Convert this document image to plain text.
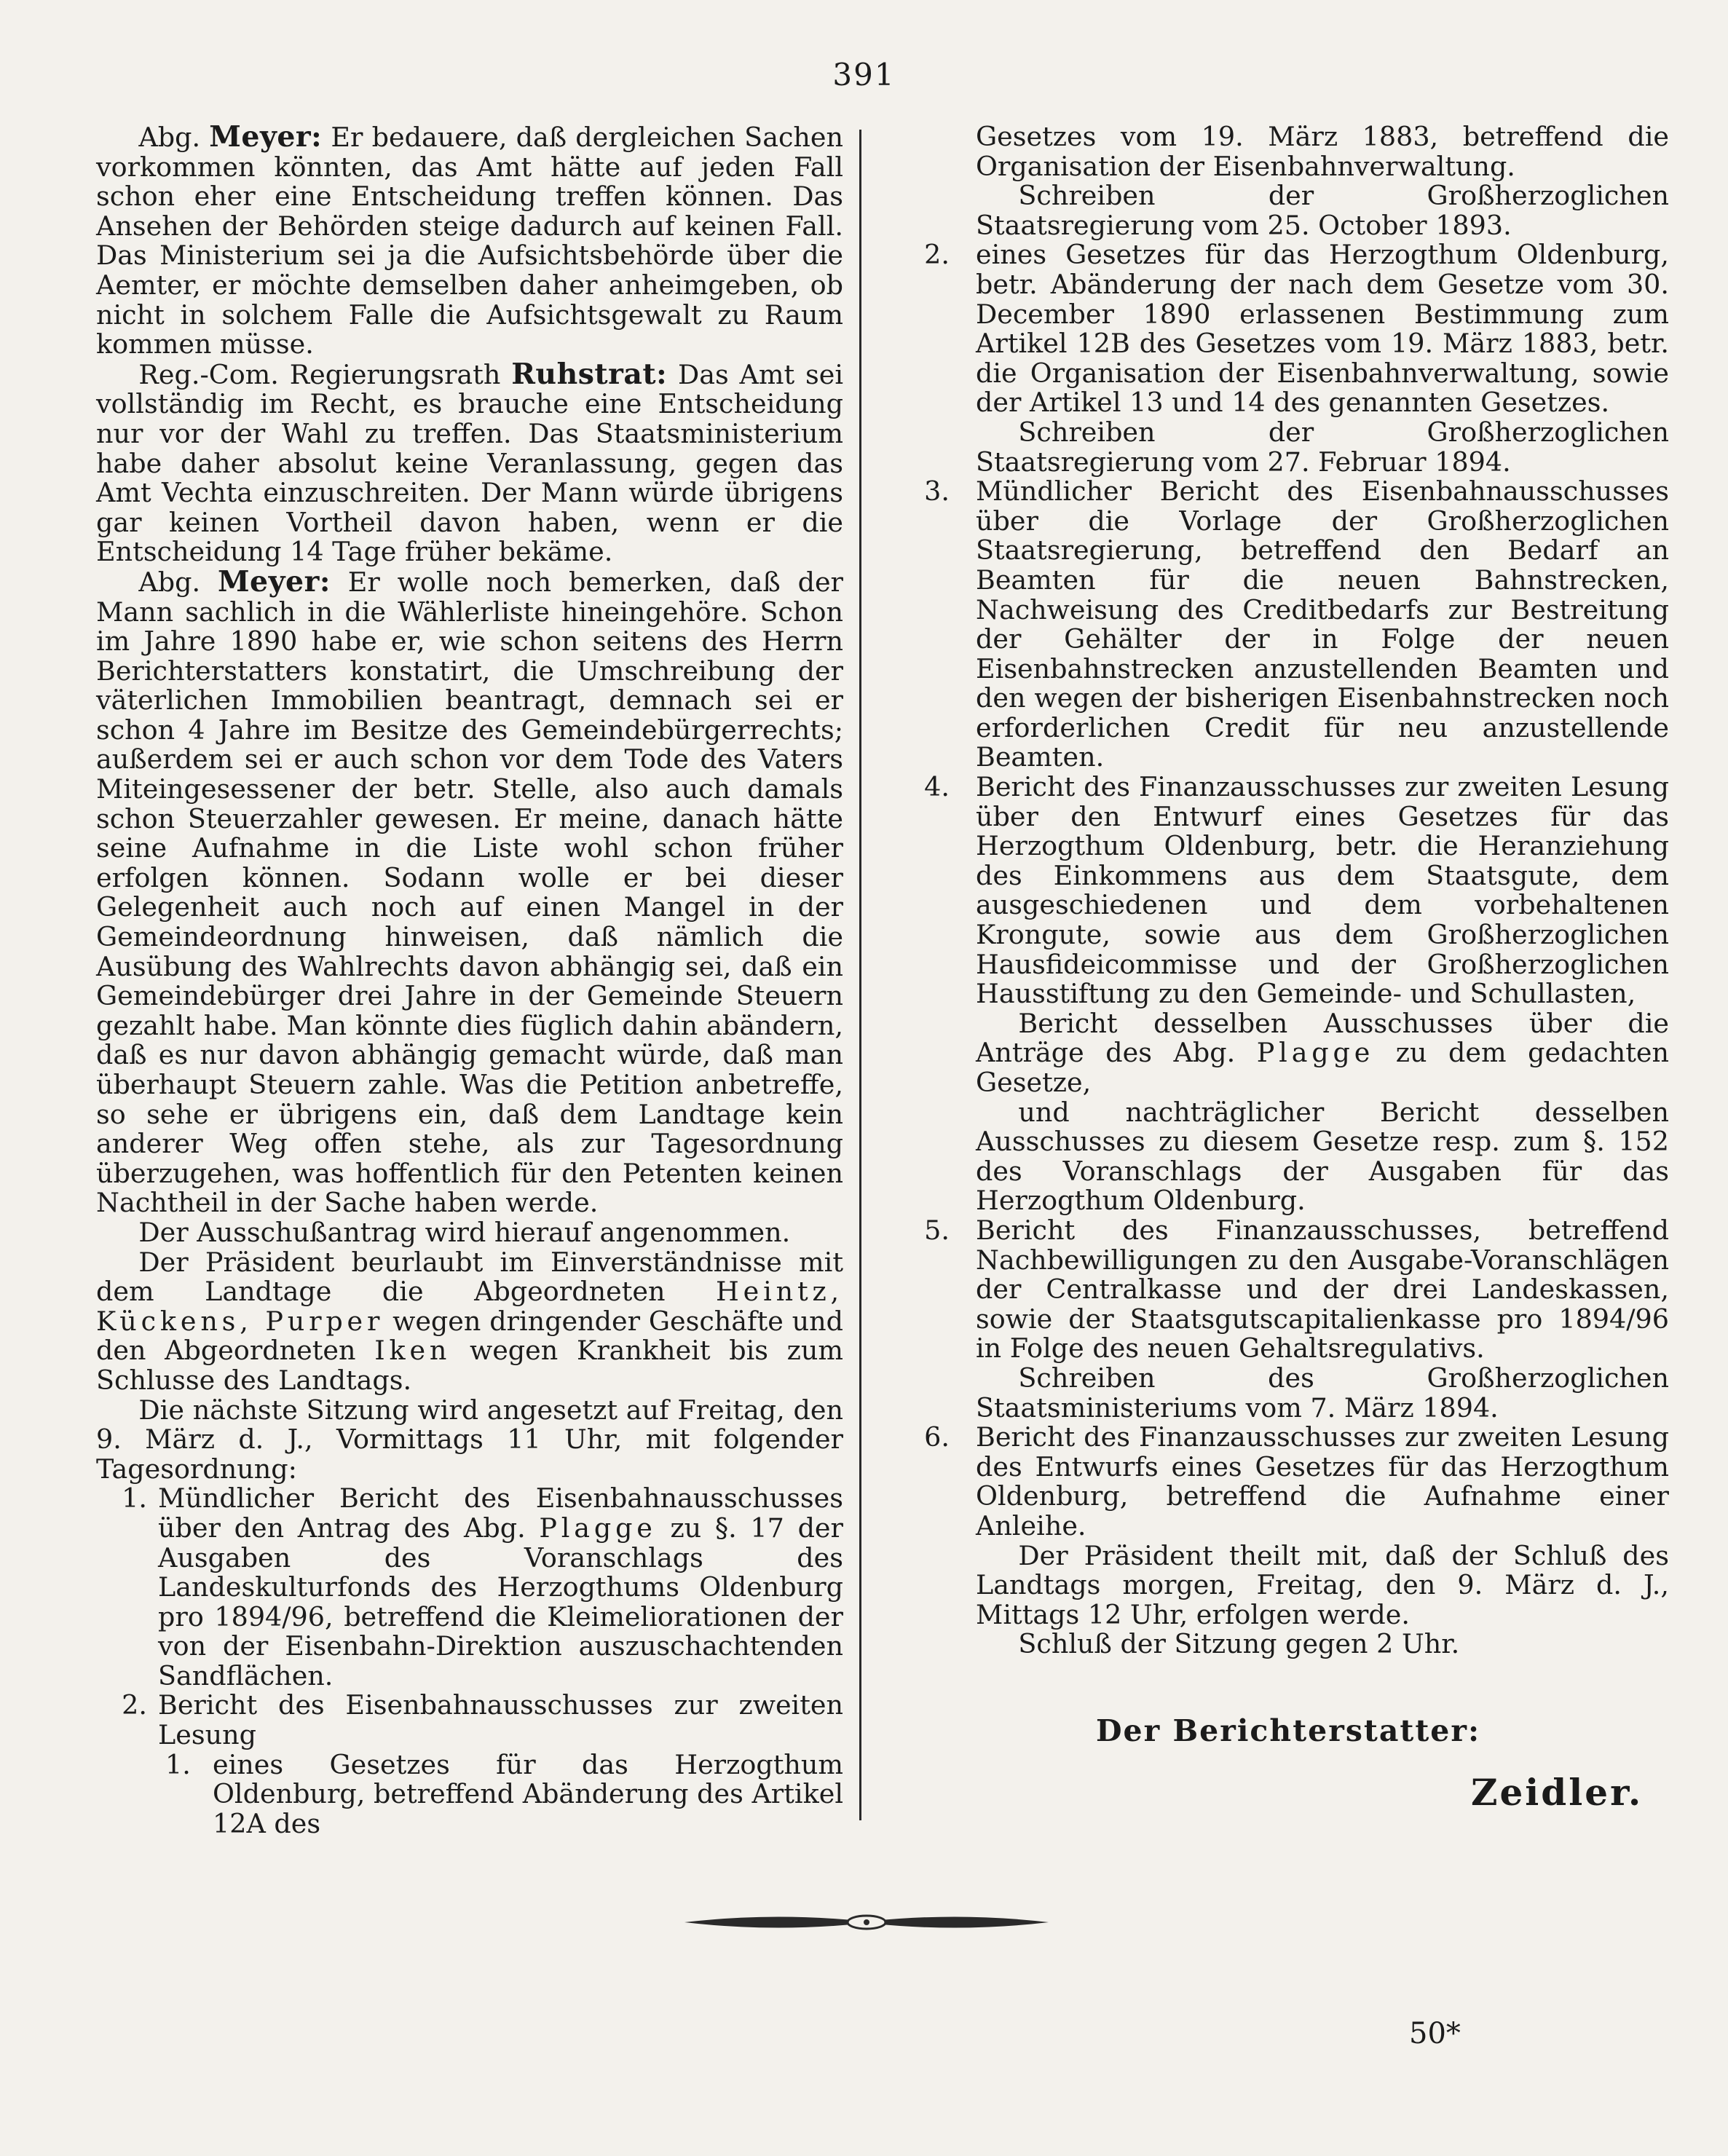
391

Abg. Meyer: Er bedauere, daß dergleichen Sachen vorkommen könnten, das Amt hätte auf jeden Fall schon eher eine Entscheidung treffen können. Das Ansehen der Behörden steige dadurch auf keinen Fall. Das Ministerium sei ja die Aufsichtsbehörde über die Aemter, er möchte demselben daher anheimgeben, ob nicht in solchem Falle die Aufsichtsgewalt zu Raum kommen müsse.

Reg.-Com. Regierungsrath Ruhstrat: Das Amt sei vollständig im Recht, es brauche eine Entscheidung nur vor der Wahl zu treffen. Das Staatsministerium habe daher absolut keine Veranlassung, gegen das Amt Vechta einzuschreiten. Der Mann würde übrigens gar keinen Vortheil davon haben, wenn er die Entscheidung 14 Tage früher bekäme.

Abg. Meyer: Er wolle noch bemerken, daß der Mann sachlich in die Wählerliste hineingehöre. Schon im Jahre 1890 habe er, wie schon seitens des Herrn Berichterstatters konstatirt, die Umschreibung der väterlichen Immobilien beantragt, demnach sei er schon 4 Jahre im Besitze des Gemeindebürgerrechts; außerdem sei er auch schon vor dem Tode des Vaters Miteingesessener der betr. Stelle, also auch damals schon Steuerzahler gewesen. Er meine, danach hätte seine Aufnahme in die Liste wohl schon früher erfolgen können. Sodann wolle er bei dieser Gelegenheit auch noch auf einen Mangel in der Gemeindeordnung hinweisen, daß nämlich die Ausübung des Wahlrechts davon abhängig sei, daß ein Gemeindebürger drei Jahre in der Gemeinde Steuern gezahlt habe. Man könnte dies füglich dahin abändern, daß es nur davon abhängig gemacht würde, daß man überhaupt Steuern zahle. Was die Petition anbetreffe, so sehe er übrigens ein, daß dem Landtage kein anderer Weg offen stehe, als zur Tagesordnung überzugehen, was hoffentlich für den Petenten keinen Nachtheil in der Sache haben werde.

Der Ausschußantrag wird hierauf angenommen.

Der Präsident beurlaubt im Einverständnisse mit dem Landtage die Abgeordneten Heintz, Kückens, Purper wegen dringender Geschäfte und den Abgeordneten Iken wegen Krankheit bis zum Schlusse des Landtags.

Die nächste Sitzung wird angesetzt auf Freitag, den 9. März d. J., Vormittags 11 Uhr, mit folgender Tagesordnung:

1. Mündlicher Bericht des Eisenbahnausschusses über den Antrag des Abg. Plagge zu §. 17 der Ausgaben des Voranschlags des Landeskulturfonds des Herzogthums Oldenburg pro 1894/96, betreffend die Kleimeliorationen der von der Eisenbahn-Direktion auszuschachtenden Sandflächen.
2. Bericht des Eisenbahnausschusses zur zweiten Lesung
1. eines Gesetzes für das Herzogthum Oldenburg, betreffend Abänderung des Artikel 12A des

Gesetzes vom 19. März 1883, betreffend die Organisation der Eisenbahnverwaltung.

Schreiben der Großherzoglichen Staatsregierung vom 25. October 1893.

2. eines Gesetzes für das Herzogthum Oldenburg, betr. Abänderung der nach dem Gesetze vom 30. December 1890 erlassenen Bestimmung zum Artikel 12B des Gesetzes vom 19. März 1883, betr. die Organisation der Eisenbahnverwaltung, sowie der Artikel 13 und 14 des genannten Gesetzes.

Schreiben der Großherzoglichen Staatsregierung vom 27. Februar 1894.

3. Mündlicher Bericht des Eisenbahnausschusses über die Vorlage der Großherzoglichen Staatsregierung, betreffend den Bedarf an Beamten für die neuen Bahnstrecken, Nachweisung des Creditbedarfs zur Bestreitung der Gehälter der in Folge der neuen Eisenbahnstrecken anzustellenden Beamten und den wegen der bisherigen Eisenbahnstrecken noch erforderlichen Credit für neu anzustellende Beamten.
4. Bericht des Finanzausschusses zur zweiten Lesung über den Entwurf eines Gesetzes für das Herzogthum Oldenburg, betr. die Heranziehung des Einkommens aus dem Staatsgute, dem ausgeschiedenen und dem vorbehaltenen Krongute, sowie aus dem Großherzoglichen Hausfideicommisse und der Großherzoglichen Hausstiftung zu den Gemeinde- und Schullasten,

Bericht desselben Ausschusses über die Anträge des Abg. Plagge zu dem gedachten Gesetze,

und nachträglicher Bericht desselben Ausschusses zu diesem Gesetze resp. zum §. 152 des Voranschlags der Ausgaben für das Herzogthum Oldenburg.

5. Bericht des Finanzausschusses, betreffend Nachbewilligungen zu den Ausgabe-Voranschlägen der Centralkasse und der drei Landeskassen, sowie der Staatsgutscapitalienkasse pro 1894/96 in Folge des neuen Gehaltsregulativs.

Schreiben des Großherzoglichen Staatsministeriums vom 7. März 1894.

6. Bericht des Finanzausschusses zur zweiten Lesung des Entwurfs eines Gesetzes für das Herzogthum Oldenburg, betreffend die Aufnahme einer Anleihe.

Der Präsident theilt mit, daß der Schluß des Landtags morgen, Freitag, den 9. März d. J., Mittags 12 Uhr, erfolgen werde.

Schluß der Sitzung gegen 2 Uhr.

Der Berichterstatter:
Zeidler.
50*
